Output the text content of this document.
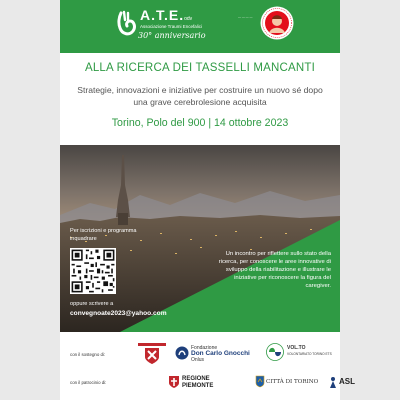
A.T.E.odv
Associazione Traumi Encefalici
30° anniversario
— — — —
ALLA RICERCA DEI TASSELLI MANCANTI
Strategie, innovazioni e iniziative per costruire un nuovo sé dopo una grave cerebrolesione acquisita
Torino, Polo del 900 | 14 ottobre 2023
Per iscrizioni e programma inquadrare
oppure scrivere a
convegnoate2023@yahoo.com
Un incontro per riflettere sullo stato della ricerca, per conoscere le aree innovative di sviluppo della riabilitazione e illustrare le iniziative per riconoscere la figura del caregiver.
con il sostegno di:
con il patrocinio di:
Fondazione
Don Carlo Gnocchi
Onlus
VOL.TO
VOLONTARIATO TORINO ETS
REGIONE
PIEMONTE
CITTÀ DI TORINO	ASL
